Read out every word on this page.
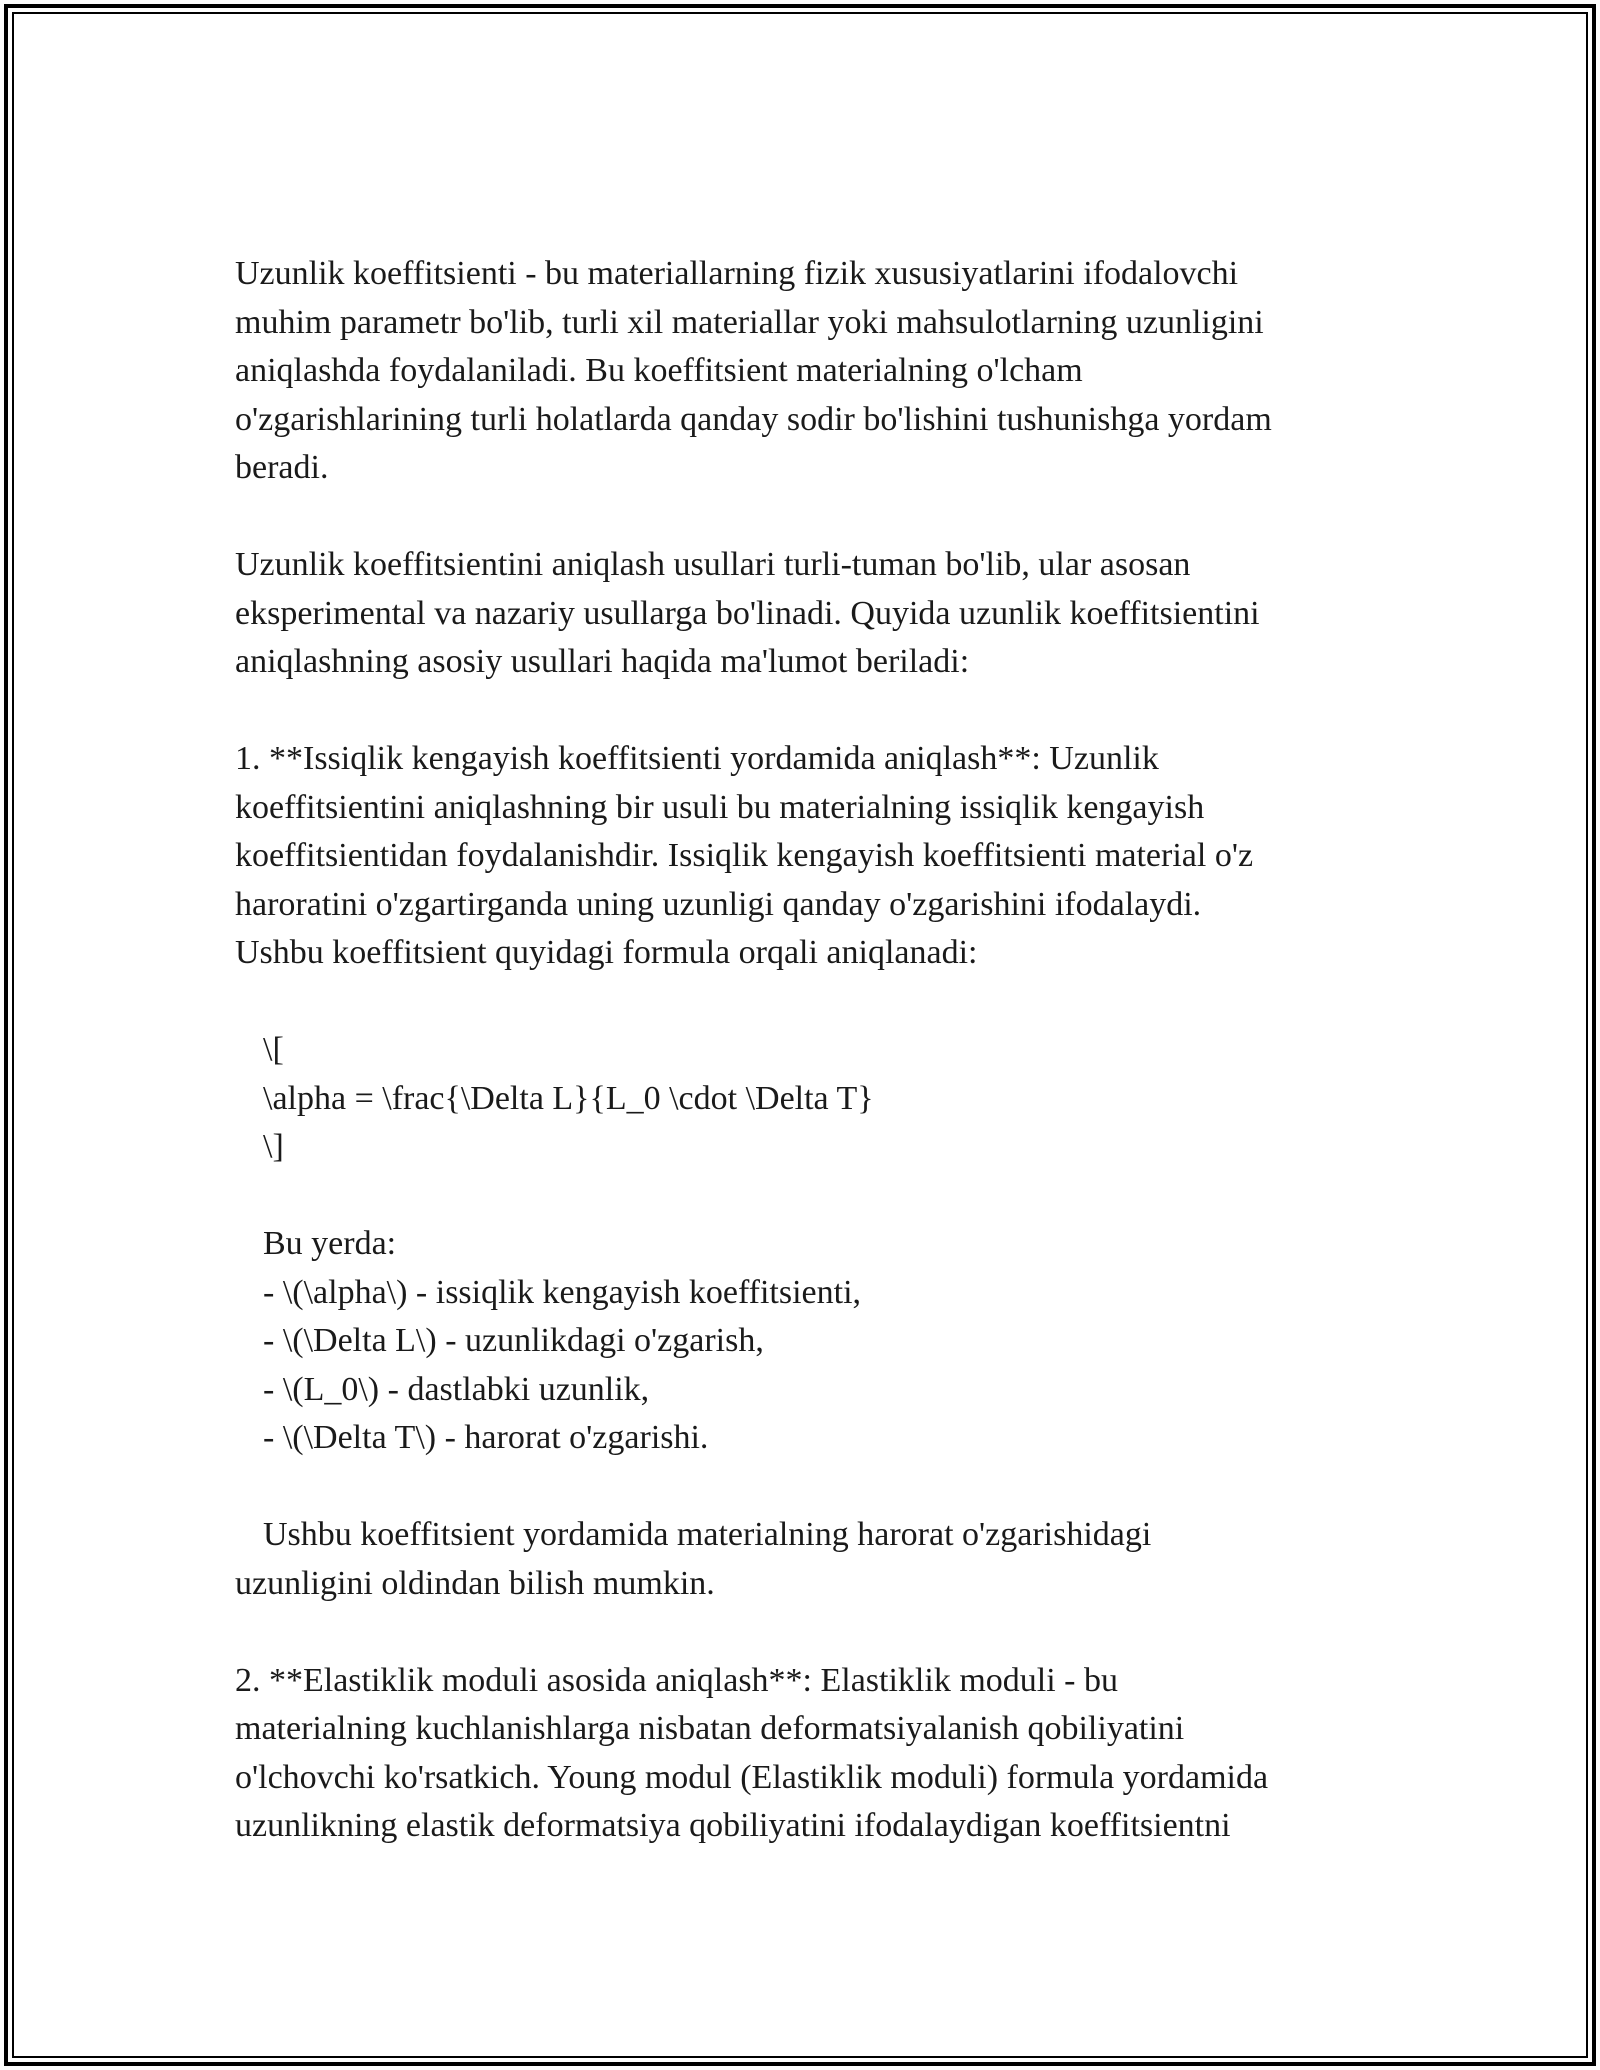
Uzunlik koeffitsienti - bu materiallarning fizik xususiyatlarini ifodalovchi
muhim parametr bo'lib, turli xil materiallar yoki mahsulotlarning uzunligini
aniqlashda foydalaniladi. Bu koeffitsient materialning o'lcham
o'zgarishlarining turli holatlarda qanday sodir bo'lishini tushunishga yordam
beradi.
Uzunlik koeffitsientini aniqlash usullari turli-tuman bo'lib, ular asosan
eksperimental va nazariy usullarga bo'linadi. Quyida uzunlik koeffitsientini
aniqlashning asosiy usullari haqida ma'lumot beriladi:
1. **Issiqlik kengayish koeffitsienti yordamida aniqlash**: Uzunlik
koeffitsientini aniqlashning bir usuli bu materialning issiqlik kengayish
koeffitsientidan foydalanishdir. Issiqlik kengayish koeffitsienti material o'z
haroratini o'zgartirganda uning uzunligi qanday o'zgarishini ifodalaydi.
Ushbu koeffitsient quyidagi formula orqali aniqlanadi:
\[
\alpha = \frac{\Delta L}{L_0 \cdot \Delta T}
\]
Bu yerda:
- \(\alpha\) - issiqlik kengayish koeffitsienti,
- \(\Delta L\) - uzunlikdagi o'zgarish,
- \(L_0\) - dastlabki uzunlik,
- \(\Delta T\) - harorat o'zgarishi.
Ushbu koeffitsient yordamida materialning harorat o'zgarishidagi
uzunligini oldindan bilish mumkin.
2. **Elastiklik moduli asosida aniqlash**: Elastiklik moduli - bu
materialning kuchlanishlarga nisbatan deformatsiyalanish qobiliyatini
o'lchovchi ko'rsatkich. Young modul (Elastiklik moduli) formula yordamida
uzunlikning elastik deformatsiya qobiliyatini ifodalaydigan koeffitsientni
